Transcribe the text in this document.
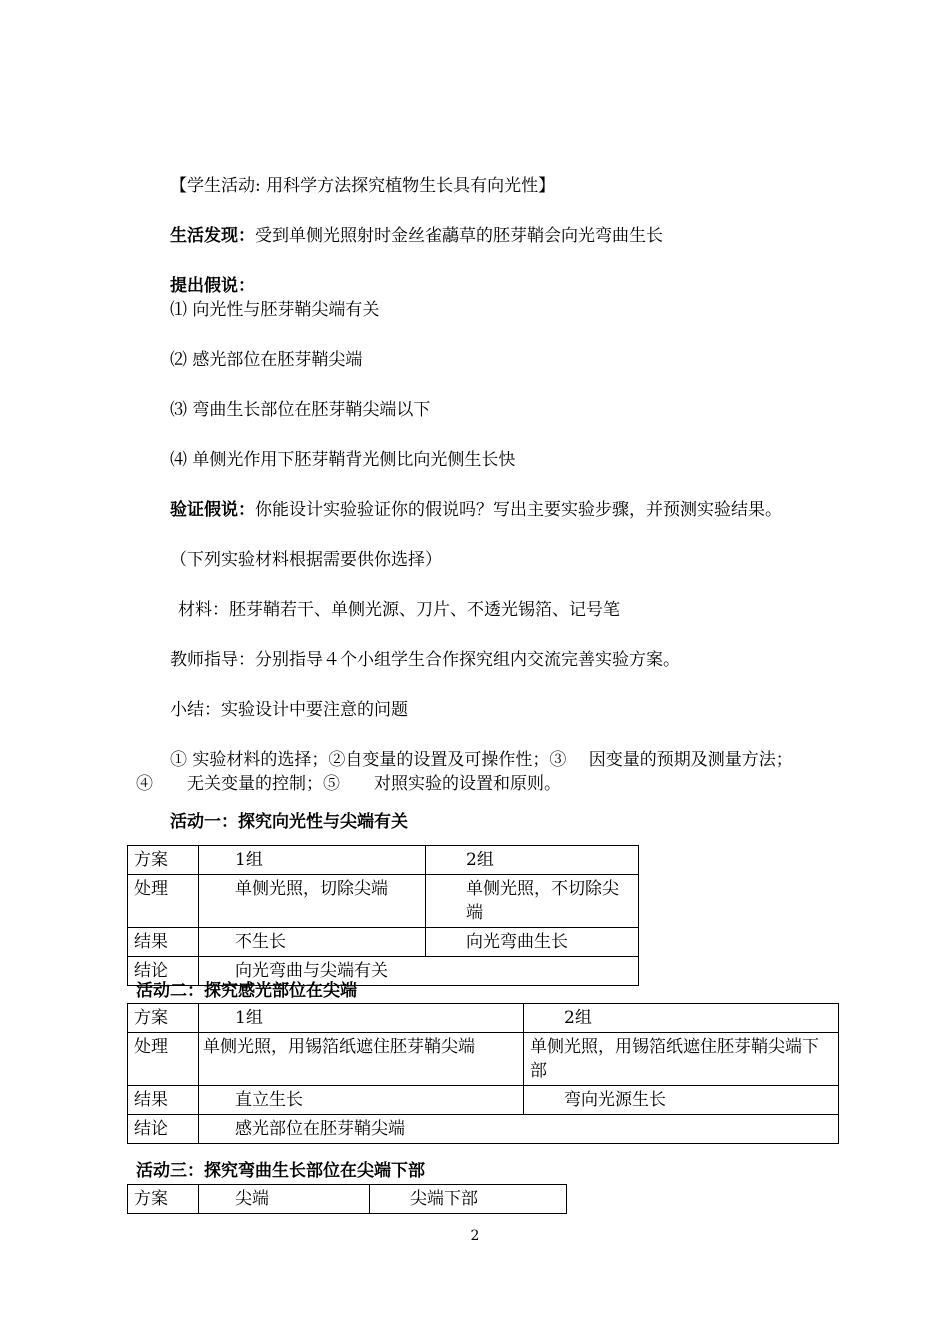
【学生活动: 用科学方法探究植物生长具有向光性】
生活发现：受到单侧光照射时金丝雀虉草的胚芽鞘会向光弯曲生长
提出假说：
⑴ 向光性与胚芽鞘尖端有关
⑵ 感光部位在胚芽鞘尖端
⑶ 弯曲生长部位在胚芽鞘尖端以下
⑷ 单侧光作用下胚芽鞘背光侧比向光侧生长快
验证假说：你能设计实验验证你的假说吗？写出主要实验步骤，并预测实验结果。
（下列实验材料根据需要供你选择）
材料：胚芽鞘若干、单侧光源、刀片、不透光锡箔、记号笔
教师指导：分别指导４个小组学生合作探究组内交流完善实验方案。
小结：实验设计中要注意的问题
① 实验材料的选择；②自变量的设置及可操作性；③　 因变量的预期及测量方法；
④　　无关变量的控制；⑤　　对照实验的设置和原则。
活动一：探究向光性与尖端有关
方案	1组	2组
处理	单侧光照，切除尖端	单侧光照，不切除尖端
结果	不生长	向光弯曲生长
结论	向光弯曲与尖端有关	
活动二：探究感光部位在尖端
方案	1组	2组
处理	单侧光照，用锡箔纸遮住胚芽鞘尖端	单侧光照，用锡箔纸遮住胚芽鞘尖端下部
结果	直立生长	弯向光源生长
结论	感光部位在胚芽鞘尖端	
活动三：探究弯曲生长部位在尖端下部
方案	尖端	尖端下部
2
